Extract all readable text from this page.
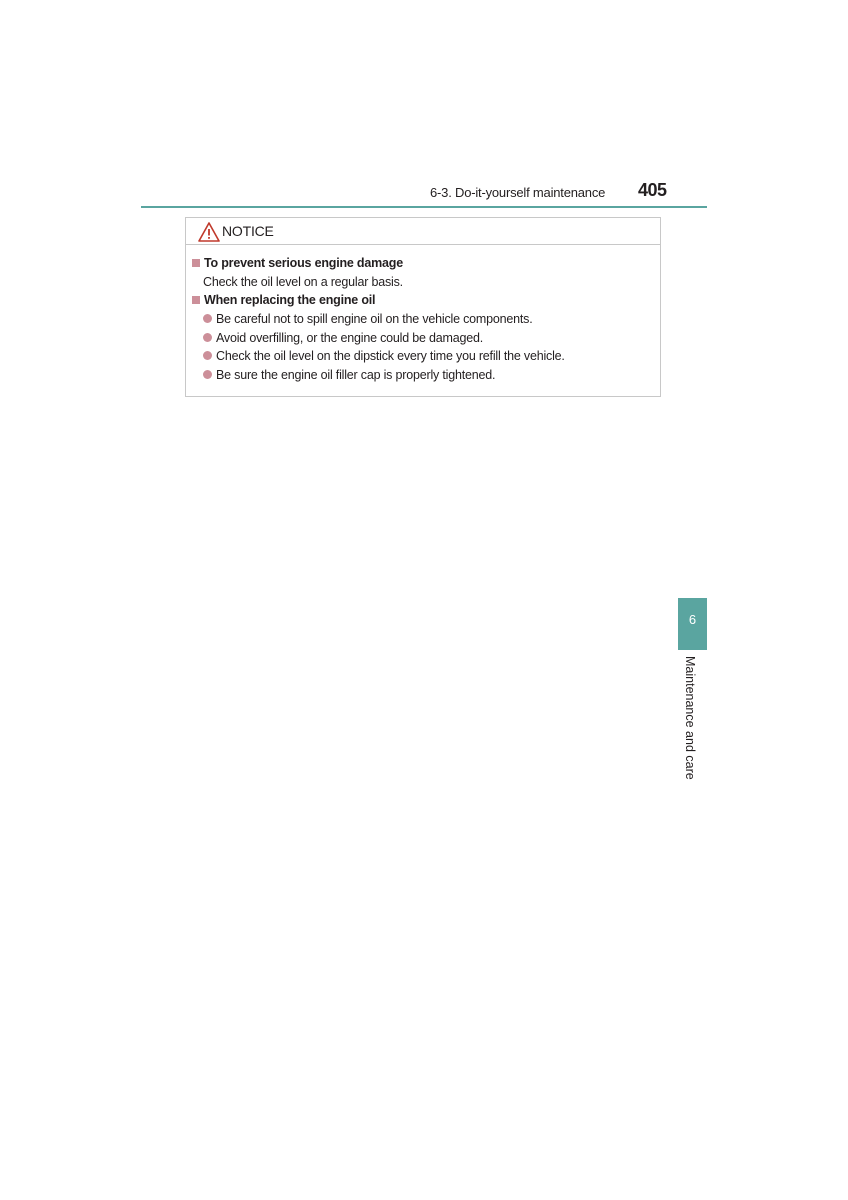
6-3. Do-it-yourself maintenance 405
NOTICE
To prevent serious engine damage
Check the oil level on a regular basis.
When replacing the engine oil
Be careful not to spill engine oil on the vehicle components.
Avoid overfilling, or the engine could be damaged.
Check the oil level on the dipstick every time you refill the vehicle.
Be sure the engine oil filler cap is properly tightened.
6
Maintenance and care
